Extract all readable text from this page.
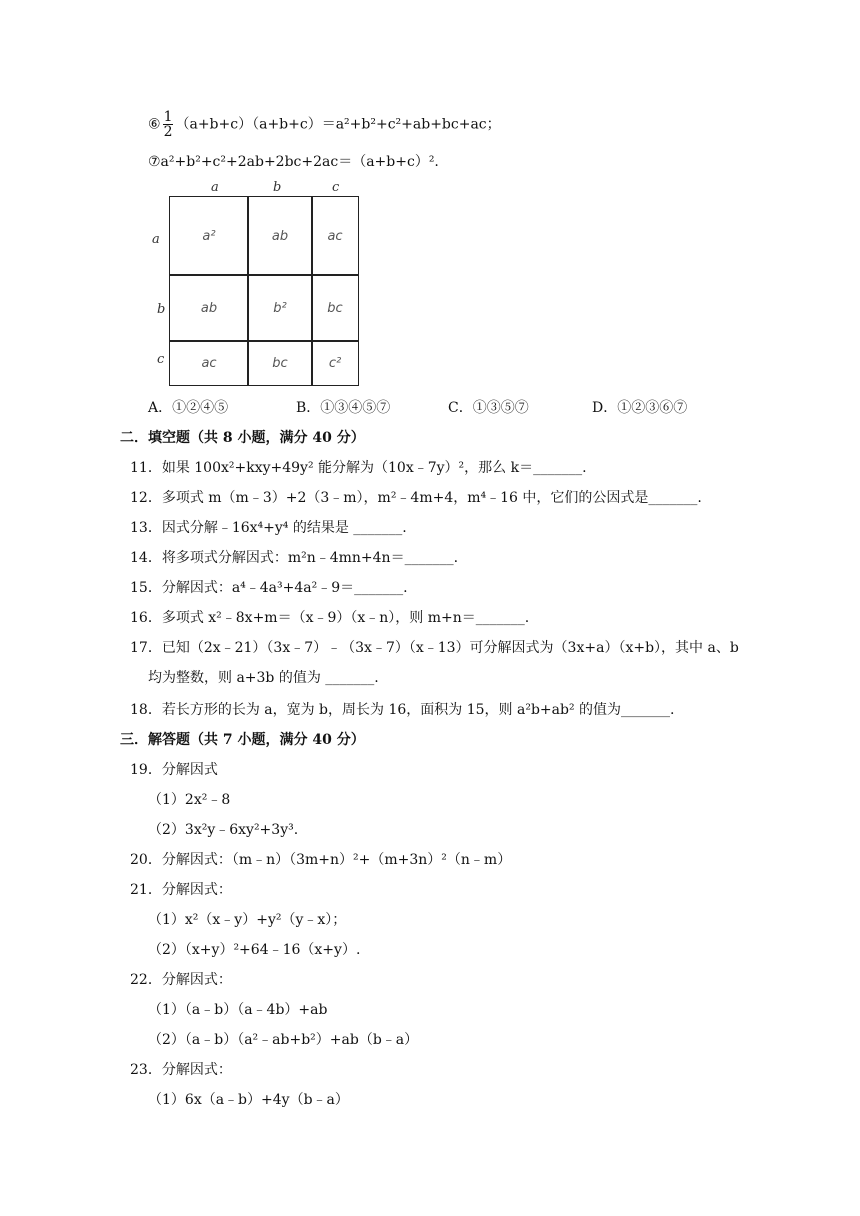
⑥ $\frac{1}{2} (a+b+c)(a+b+c)=a^2+b^2+c^2+ab+bc+ac$；
⑦a²+b²+c²+2ab+2bc+2ac＝（a+b+c）².
a	b	c
a
b
c
a²	ab	ac
ab	b²	bc
ac	bc	c²
A．①②④⑤	B．①③④⑤⑦	C．①③⑤⑦	D．①②③⑥⑦
二．填空题（共 8 小题，满分 40 分）
11．如果 100x²+kxy+49y² 能分解为（10x﹣7y）²，那么 k＝_______.
12．多项式 m（m﹣3）+2（3﹣m），m²﹣4m+4，m⁴﹣16 中，它们的公因式是_______.
13．因式分解﹣16x⁴+y⁴ 的结果是 _______.
14．将多项式分解因式：m²n﹣4mn+4n＝_______.
15．分解因式：a⁴﹣4a³+4a²﹣9＝_______.
16．多项式 x²﹣8x+m＝（x﹣9）（x﹣n），则 m+n＝_______.
17．已知（2x﹣21）（3x﹣7）﹣（3x﹣7）（x﹣13）可分解因式为（3x+a）（x+b），其中 a、b
均为整数，则 a+3b 的值为 _______.
18．若长方形的长为 a，宽为 b，周长为 16，面积为 15，则 a²b+ab² 的值为_______.
三．解答题（共 7 小题，满分 40 分）
19．分解因式
（1）2x²﹣8
（2）3x²y﹣6xy²+3y³.
20．分解因式：（m﹣n）（3m+n）²+（m+3n）²（n﹣m）
21．分解因式：
（1）x²（x﹣y）+y²（y﹣x）；
（2）（x+y）²+64﹣16（x+y）.
22．分解因式：
（1）（a﹣b）（a﹣4b）+ab
（2）（a﹣b）（a²﹣ab+b²）+ab（b﹣a）
23．分解因式：
（1）6x（a﹣b）+4y（b﹣a）
